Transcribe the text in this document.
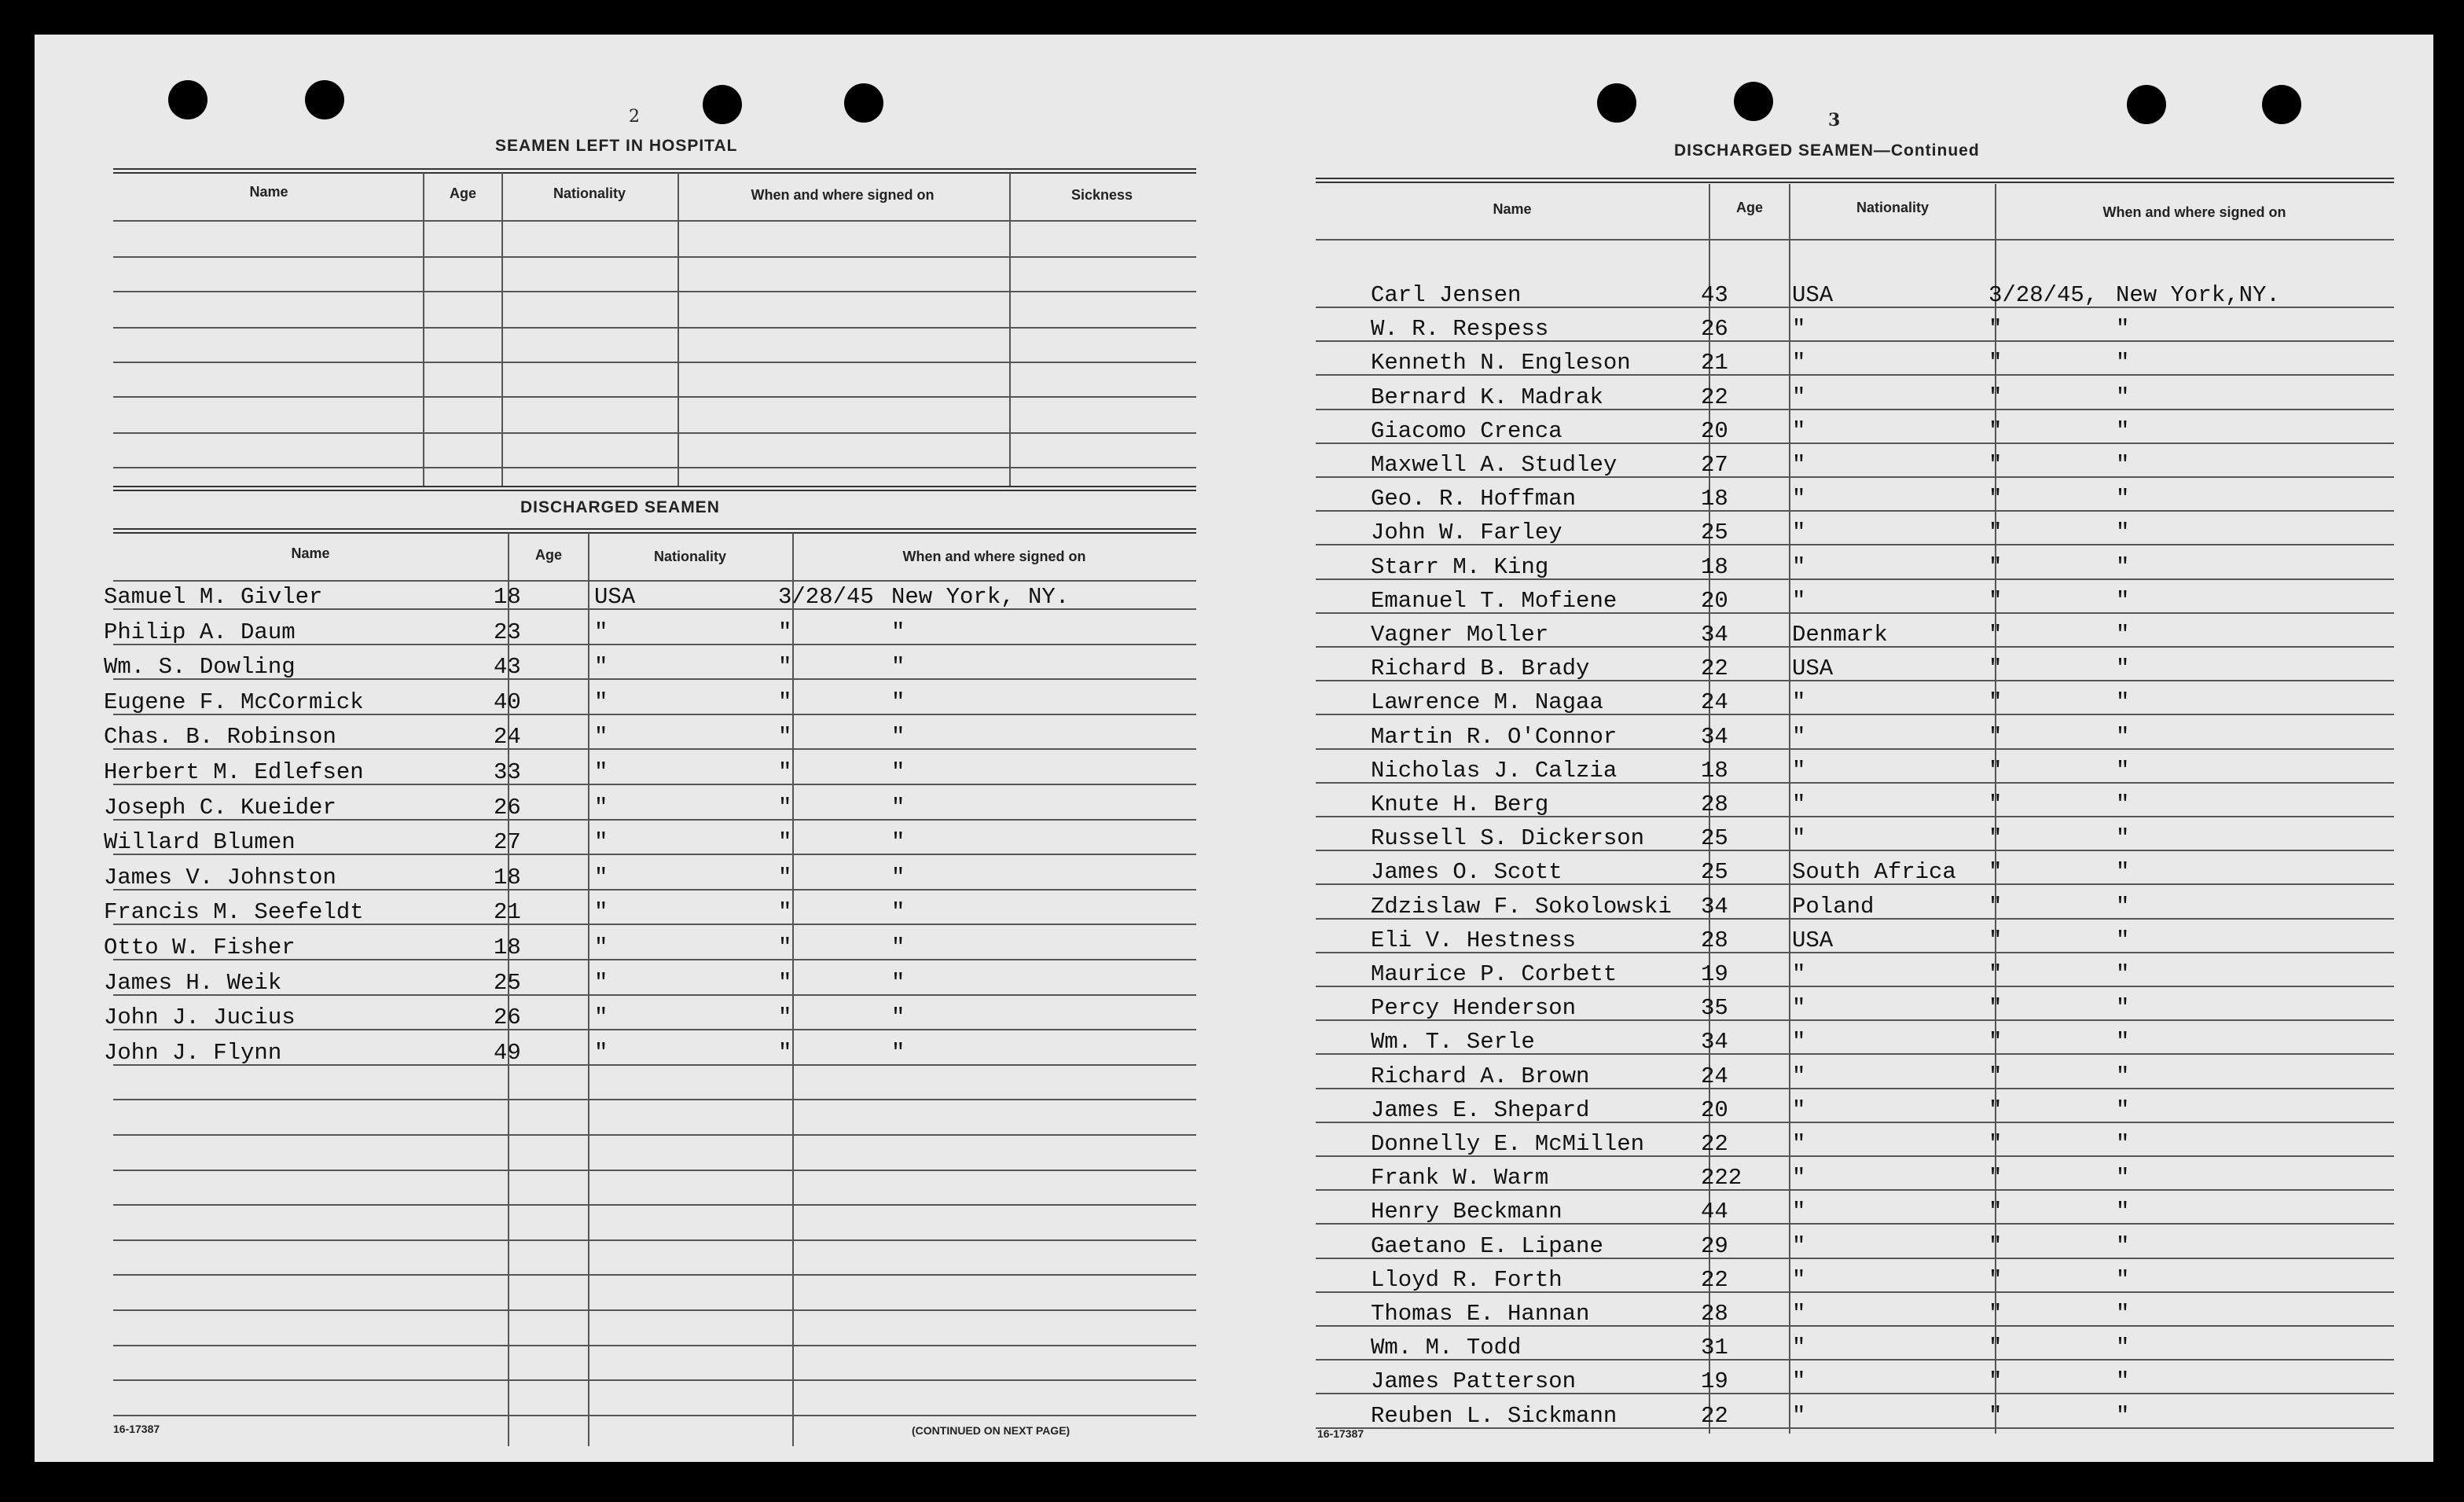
2
SEAMEN LEFT IN HOSPITAL
Name	Age	Nationality	When and where signed on	Sickness
DISCHARGED SEAMEN
Name	Age	Nationality	When and where signed on
Samuel M. Givler	18	USA	3/28/45 New York, NY.
Philip A. Daum	23	"	"	"
Wm. S. Dowling	43	"	"	"
Eugene F. McCormick	40	"	"	"
Chas. B. Robinson	24	"	"	"
Herbert M. Edlefsen	33	"	"	"
Joseph C. Kueider	26	"	"	"
Willard Blumen	27	"	"	"
James V. Johnston	18	"	"	"
Francis M. Seefeldt	21	"	"	"
Otto W. Fisher	18	"	"	"
James H. Weik	25	"	"	"
John J. Jucius	26	"	"	"
John J. Flynn	49	"	"	"
16-17387	(CONTINUED ON NEXT PAGE)
3
DISCHARGED SEAMEN—Continued
Name	Age	Nationality	When and where signed on
Carl Jensen	43	USA	3/28/45, New York,NY.
W. R. Respess	26	"	"	"
Kenneth N. Engleson	21	"	"	"
Bernard K. Madrak	22	"	"	"
Giacomo Crenca	20	"	"	"
Maxwell A. Studley	27	"	"	"
Geo. R. Hoffman	18	"	"	"
John W. Farley	25	"	"	"
Starr M. King	18	"	"	"
Emanuel T. Mofiene	20	"	"	"
Vagner Moller	34	Denmark	"	"
Richard B. Brady	22	USA	"	"
Lawrence M. Nagaa	24	"	"	"
Martin R. O'Connor	34	"	"	"
Nicholas J. Calzia	18	"	"	"
Knute H. Berg	28	"	"	"
Russell S. Dickerson 25	"	"	"
James O. Scott	25	South Africa "	"
Zdzislaw F. Sokolowski 34	Poland	"	"
Eli V. Hestness	28	USA	"	"
Maurice P. Corbett	19	"	"	"
Percy Henderson	35	"	"	"
Wm. T. Serle	34	"	"	"
Richard A. Brown	24	"	"	"
James E. Shepard	20	"	"	"
Donnelly E. McMillen 22	"	"	"
Frank W. Warm	222 "	"	"
Henry Beckmann	44	"	"	"
Gaetano E. Lipane	29	"	"	"
Lloyd R. Forth	22	"	"	"
Thomas E. Hannan	28	"	"	"
Wm. M. Todd	31	"	"	"
James Patterson	19	"	"	"
Reuben L. Sickmann	22	"	"	"
16-17387
